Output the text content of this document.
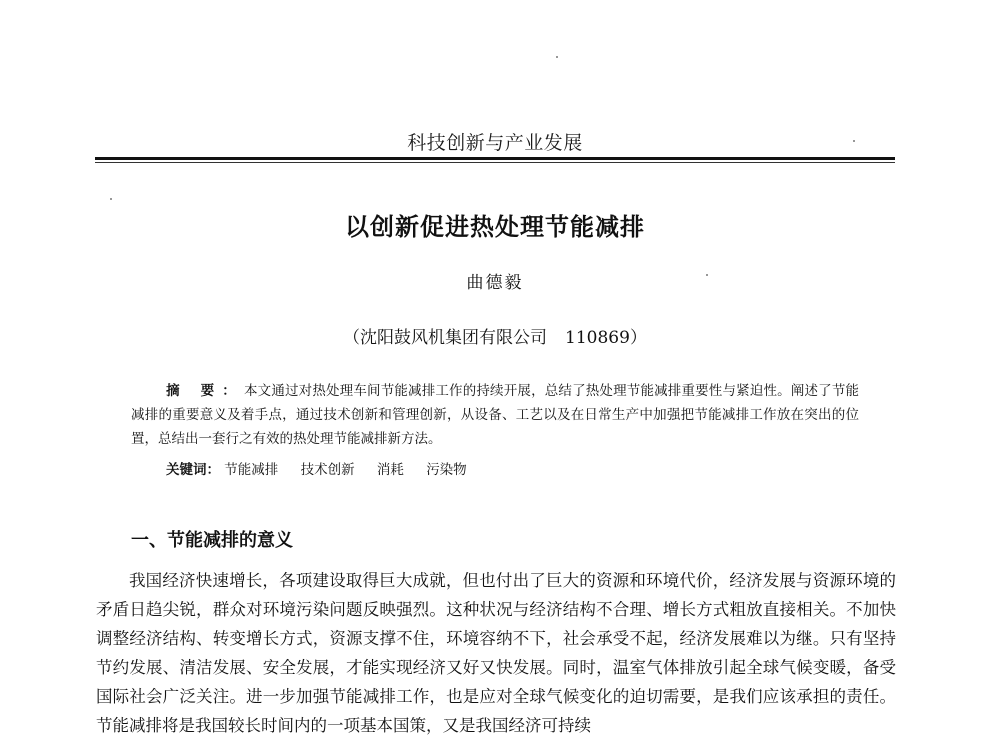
科技创新与产业发展
以创新促进热处理节能减排
曲德毅
（沈阳鼓风机集团有限公司 110869）
摘 要：本文通过对热处理车间节能减排工作的持续开展，总结了热处理节能减排重要性与紧迫性。阐述了节能减排的重要意义及着手点，通过技术创新和管理创新，从设备、工艺以及在日常生产中加强把节能减排工作放在突出的位置，总结出一套行之有效的热处理节能减排新方法。
关键词： 节能减排 技术创新 消耗 污染物
一、节能减排的意义

我国经济快速增长，各项建设取得巨大成就，但也付出了巨大的资源和环境代价，经济发展与资源环境的矛盾日趋尖锐，群众对环境污染问题反映强烈。这种状况与经济结构不合理、增长方式粗放直接相关。不加快调整经济结构、转变增长方式，资源支撑不住，环境容纳不下，社会承受不起，经济发展难以为继。只有坚持节约发展、清洁发展、安全发展，才能实现经济又好又快发展。同时，温室气体排放引起全球气候变暖，备受国际社会广泛关注。进一步加强节能减排工作，也是应对全球气候变化的迫切需要，是我们应该承担的责任。节能减排将是我国较长时间内的一项基本国策，又是我国经济可持续
